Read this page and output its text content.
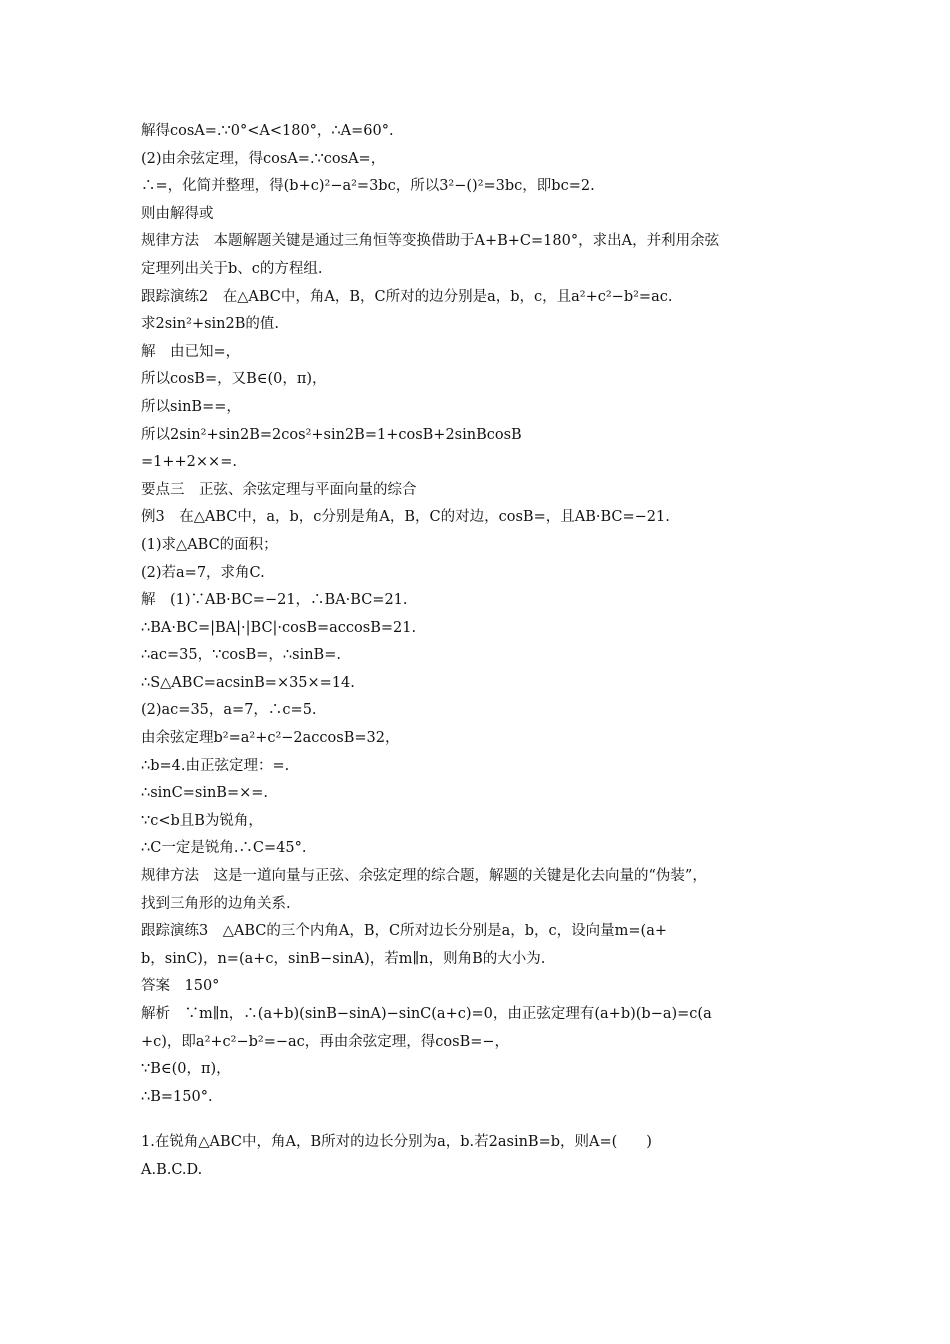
解得cosA=.∵0°<A<180°，∴A=60°.
(2)由余弦定理，得cosA=.∵cosA=，
∴=，化简并整理，得(b+c)²−a²=3bc，所以3²−()²=3bc，即bc=2.
则由解得或
规律方法　本题解题关键是通过三角恒等变换借助于A+B+C=180°，求出A，并利用余弦
定理列出关于b、c的方程组.
跟踪演练2　在△ABC中，角A，B，C所对的边分别是a，b，c，且a²+c²−b²=ac.
求2sin²+sin2B的值.
解　由已知=，
所以cosB=，又B∈(0，π)，
所以sinB==，
所以2sin²+sin2B=2cos²+sin2B=1+cosB+2sinBcosB
=1++2××=.
要点三　正弦、余弦定理与平面向量的综合
例3　在△ABC中，a，b，c分别是角A，B，C的对边，cosB=，且AB·BC=−21.
(1)求△ABC的面积；
(2)若a=7，求角C.
解　(1)∵AB·BC=−21，∴BA·BC=21.
∴BA·BC=|BA|·|BC|·cosB=accosB=21.
∴ac=35，∵cosB=，∴sinB=.
∴S△ABC=acsinB=×35×=14.
(2)ac=35，a=7，∴c=5.
由余弦定理b²=a²+c²−2accosB=32，
∴b=4.由正弦定理：=.
∴sinC=sinB=×=.
∵c<b且B为锐角，
∴C一定是锐角.∴C=45°.
规律方法　这是一道向量与正弦、余弦定理的综合题，解题的关键是化去向量的“伪装”，
找到三角形的边角关系.
跟踪演练3　△ABC的三个内角A，B，C所对边长分别是a，b，c，设向量m=(a+
b，sinC)，n=(a+c，sinB−sinA)，若m∥n，则角B的大小为.
答案　150°
解析　∵m∥n，∴(a+b)(sinB−sinA)−sinC(a+c)=0，由正弦定理有(a+b)(b−a)=c(a
+c)，即a²+c²−b²=−ac，再由余弦定理，得cosB=−，
∵B∈(0，π)，
∴B=150°.
1.在锐角△ABC中，角A，B所对的边长分别为a，b.若2asinB=b，则A=(　　)
A.B.C.D.
